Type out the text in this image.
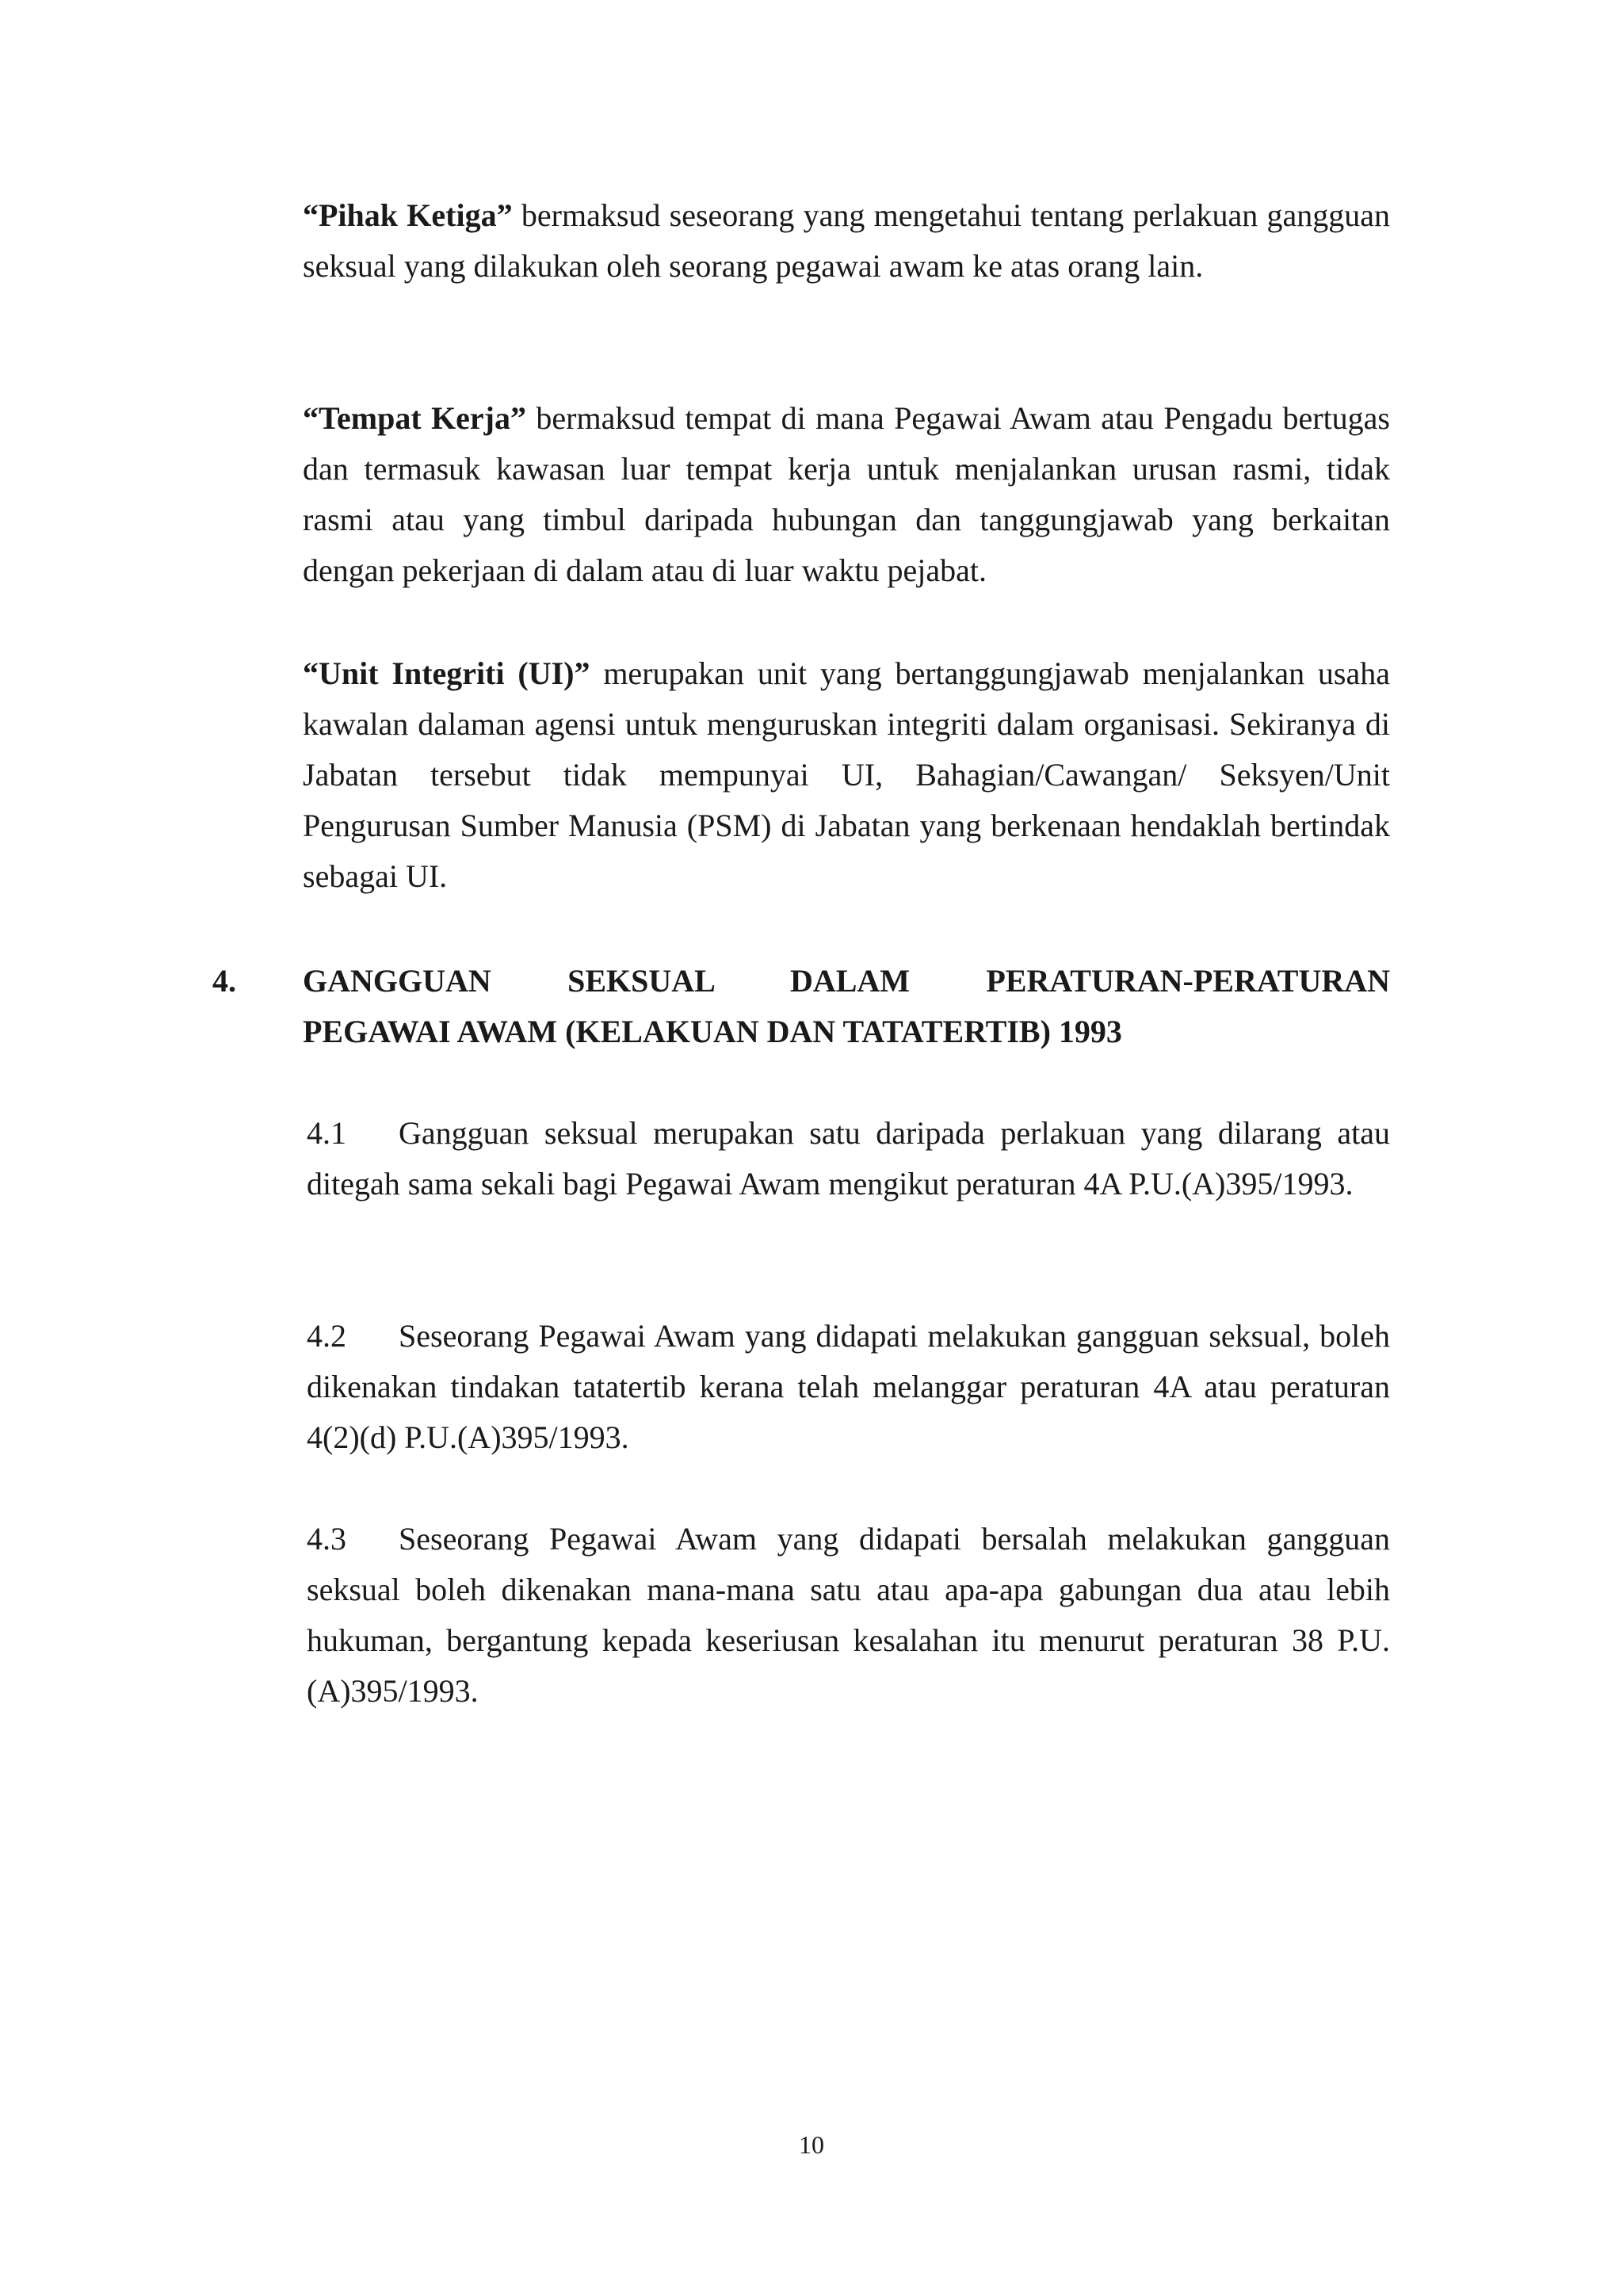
“Pihak Ketiga” bermaksud seseorang yang mengetahui tentang perlakuan gangguan seksual yang dilakukan oleh seorang pegawai awam ke atas orang lain.

“Tempat Kerja” bermaksud tempat di mana Pegawai Awam atau Pengadu bertugas dan termasuk kawasan luar tempat kerja untuk menjalankan urusan rasmi, tidak rasmi atau yang timbul daripada hubungan dan tanggungjawab yang berkaitan dengan pekerjaan di dalam atau di luar waktu pejabat.

“Unit Integriti (UI)” merupakan unit yang bertanggungjawab menjalankan usaha kawalan dalaman agensi untuk menguruskan integriti dalam organisasi. Sekiranya di Jabatan tersebut tidak mempunyai UI, Bahagian/Cawangan/ Seksyen/Unit Pengurusan Sumber Manusia (PSM) di Jabatan yang berkenaan hendaklah bertindak sebagai UI.

4. GANGGUAN SEKSUAL DALAM PERATURAN-PERATURAN
PEGAWAI AWAM (KELAKUAN DAN TATATERTIB) 1993

4.1 Gangguan seksual merupakan satu daripada perlakuan yang dilarang atau ditegah sama sekali bagi Pegawai Awam mengikut peraturan 4A P.U.(A)395/1993.

4.2 Seseorang Pegawai Awam yang didapati melakukan gangguan seksual, boleh dikenakan tindakan tatatertib kerana telah melanggar peraturan 4A atau peraturan 4(2)(d) P.U.(A)395/1993.

4.3 Seseorang Pegawai Awam yang didapati bersalah melakukan gangguan seksual boleh dikenakan mana-mana satu atau apa-apa gabungan dua atau lebih hukuman, bergantung kepada keseriusan kesalahan itu menurut peraturan 38 P.U.(A)395/1993.

10
